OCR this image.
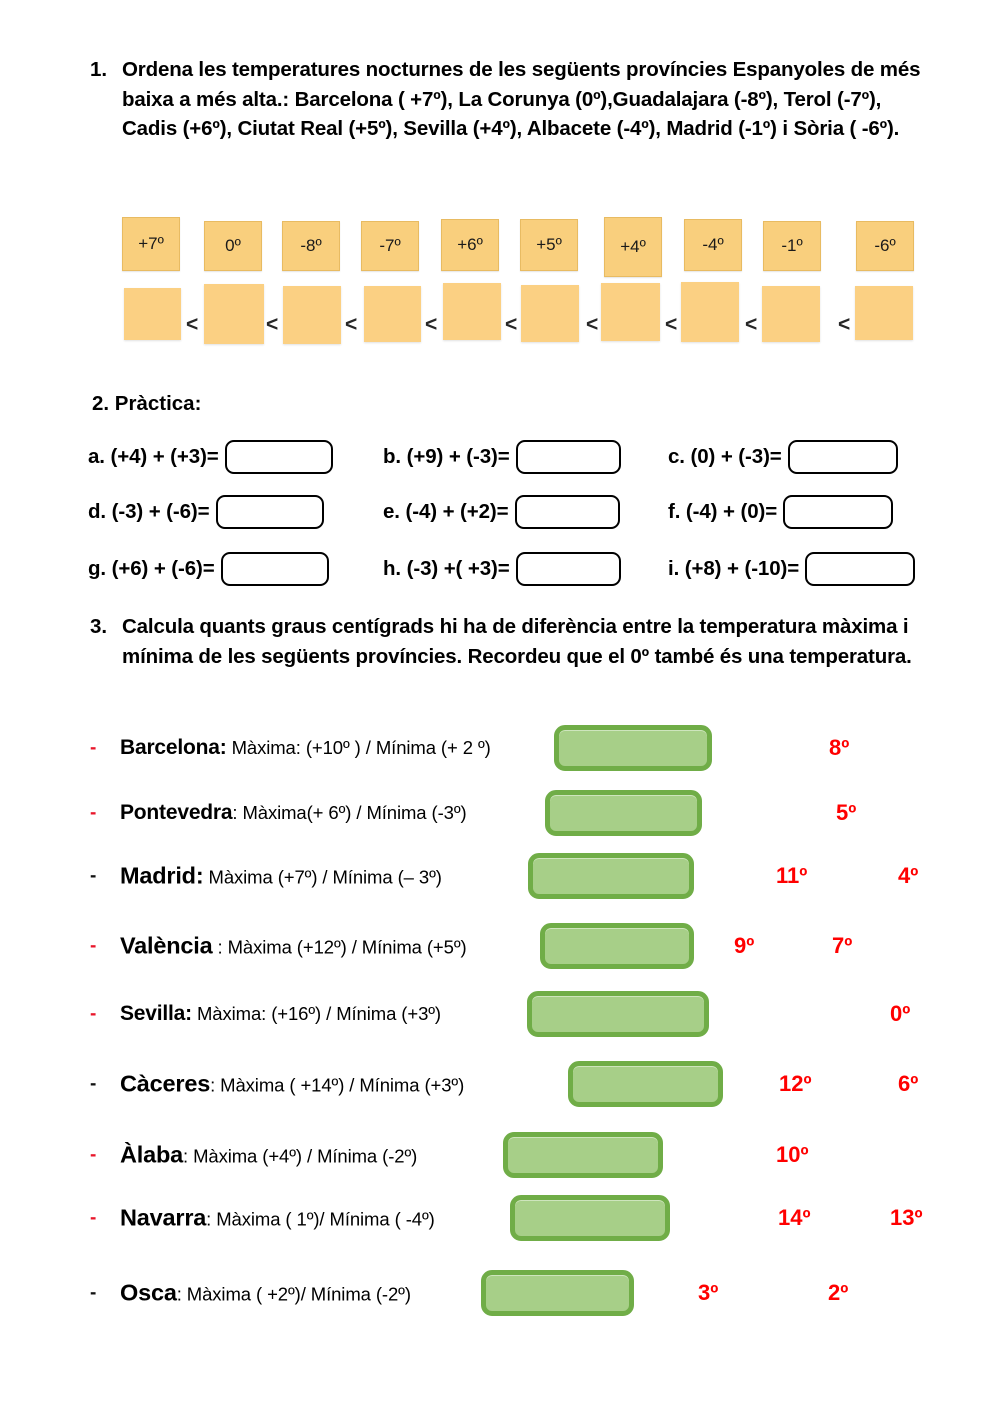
1. Ordena les temperatures nocturnes de les següents províncies Espanyoles de més baixa a més alta.: Barcelona ( +7º), La Corunya (0º),Guadalajara (-8º), Terol (-7º), Cadis (+6º), Ciutat Real (+5º), Sevilla (+4º), Albacete (-4º), Madrid (-1º) i Sòria ( -6º).
+7º	0º	-8º	-7º	+6º	+5º	+4º	-4º	-1º	-6º
<	<	<	<	<	<	<	<	<
2. Pràctica:
a. (+4) + (+3)=	b. (+9) + (-3)=	c. (0) + (-3)=
d. (-3) + (-6)=	e. (-4) + (+2)=	f. (-4) + (0)=
g. (+6) + (-6)=	h. (-3) +( +3)=	i. (+8) + (-10)=
3. Calcula quants graus centígrads hi ha de diferència entre la temperatura màxima i mínima de les següents províncies. Recordeu que el 0º també és una temperatura.
- Barcelona: Màxima: (+10º ) / Mínima (+ 2 º)	8º
- Pontevedra: Màxima(+ 6º) / Mínima (-3º)	5º
- Madrid: Màxima (+7º) / Mínima (– 3º)	11º	4º
- València : Màxima (+12º) / Mínima (+5º)	9º	7º
- Sevilla: Màxima: (+16º) / Mínima (+3º)	0º
- Càceres: Màxima ( +14º) / Mínima (+3º)	12º	6º
- Àlaba: Màxima (+4º) / Mínima (-2º)	10º
- Navarra: Màxima ( 1º)/ Mínima ( -4º)	14º	13º
- Osca: Màxima ( +2º)/ Mínima (-2º)	3º	2º
